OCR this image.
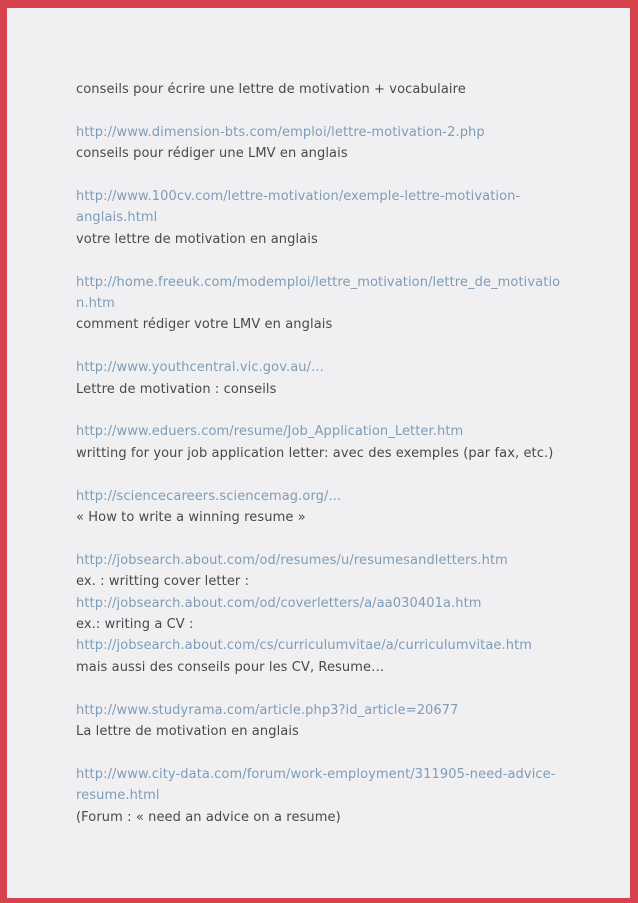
conseils pour écrire une lettre de motivation + vocabulaire
http://www.dimension-bts.com/emploi/lettre-motivation-2.php
conseils pour rédiger une LMV en anglais
http://www.100cv.com/lettre-motivation/exemple-lettre-motivation-anglais.html
votre lettre de motivation en anglais
http://home.freeuk.com/modemploi/lettre_motivation/lettre_de_motivation.htm
comment rédiger votre LMV en anglais
http://www.youthcentral.vic.gov.au/...
Lettre de motivation : conseils
http://www.eduers.com/resume/Job_Application_Letter.htm
writting for your job application letter: avec des exemples (par fax, etc.)
http://sciencecareers.sciencemag.org/...
« How to write a winning resume »
http://jobsearch.about.com/od/resumes/u/resumesandletters.htm
ex. : writting cover letter :
http://jobsearch.about.com/od/coverletters/a/aa030401a.htm
ex.: writing a CV :
http://jobsearch.about.com/cs/curriculumvitae/a/curriculumvitae.htm
mais aussi des conseils pour les CV, Resume…
http://www.studyrama.com/article.php3?id_article=20677
La lettre de motivation en anglais
http://www.city-data.com/forum/work-employment/311905-need-advice-resume.html
(Forum : « need an advice on a resume)
